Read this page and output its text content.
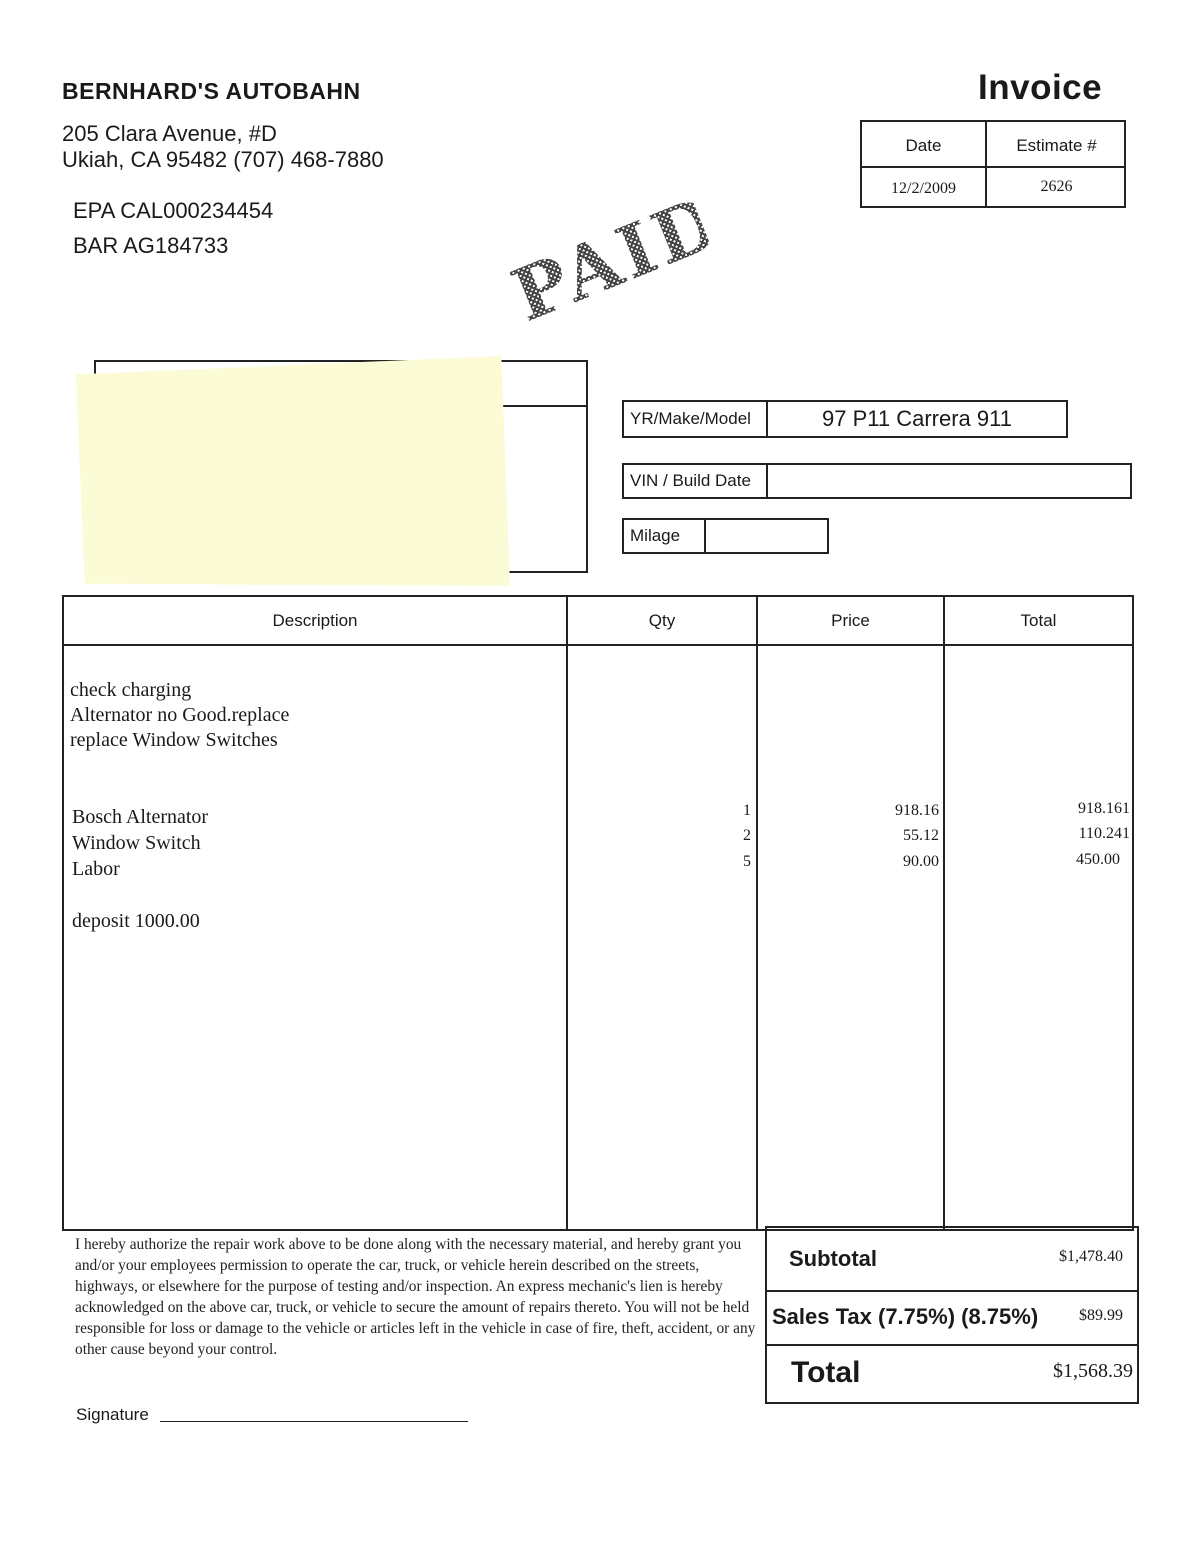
BERNHARD'S AUTOBAHN
205 Clara Avenue, #D
Ukiah, CA 95482 (707) 468-7880
EPA CAL000234454
BAR AG184733
Invoice
Date	Estimate #
12/2/2009	2626
PAID
YR/Make/Model	97 P11 Carrera 911
VIN / Build Date
Milage
Description	Qty	Price	Total
check charging
Alternator no Good.replace
replace Window Switches
Bosch Alternator	1	918.16	918.161
Window Switch	2	55.12	110.241
Labor	5	90.00	450.00
deposit 1000.00
I hereby authorize the repair work above to be done along with the necessary material, and hereby grant you and/or your employees permission to operate the car, truck, or vehicle herein described on the streets, highways, or elsewhere for the purpose of testing and/or inspection. An express mechanic's lien is hereby acknowledged on the above car, truck, or vehicle to secure the amount of repairs thereto. You will not be held responsible for loss or damage to the vehicle or articles left in the vehicle in case of fire, theft, accident, or any other cause beyond your control.
Subtotal	$1,478.40
Sales Tax (7.75%) (8.75%)	$89.99
Total	$1,568.39
Signature
